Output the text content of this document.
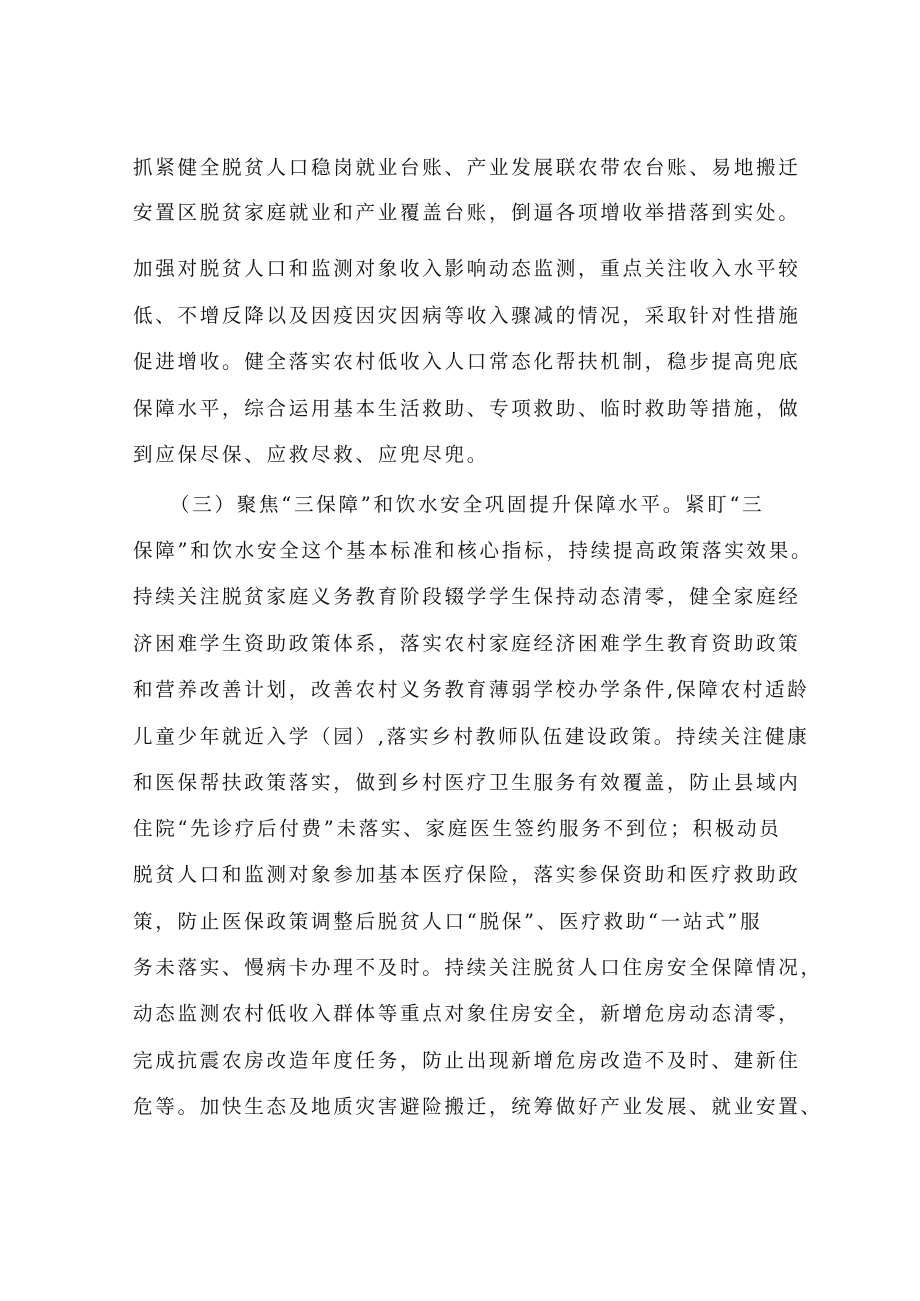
抓紧健全脱贫人口稳岗就业台账、产业发展联农带农台账、易地搬迁
安置区脱贫家庭就业和产业覆盖台账，倒逼各项增收举措落到实处。
加强对脱贫人口和监测对象收入影响动态监测，重点关注收入水平较
低、不增反降以及因疫因灾因病等收入骤减的情况，采取针对性措施
促进增收。健全落实农村低收入人口常态化帮扶机制，稳步提高兜底
保障水平，综合运用基本生活救助、专项救助、临时救助等措施，做
到应保尽保、应救尽救、应兜尽兜。
（三）聚焦“三保障”和饮水安全巩固提升保障水平。紧盯“三
保障”和饮水安全这个基本标准和核心指标，持续提高政策落实效果。
持续关注脱贫家庭义务教育阶段辍学学生保持动态清零，健全家庭经
济困难学生资助政策体系，落实农村家庭经济困难学生教育资助政策
和营养改善计划，改善农村义务教育薄弱学校办学条件,保障农村适龄
儿童少年就近入学（园）,落实乡村教师队伍建设政策。持续关注健康
和医保帮扶政策落实，做到乡村医疗卫生服务有效覆盖，防止县域内
住院“先诊疗后付费”未落实、家庭医生签约服务不到位；积极动员
脱贫人口和监测对象参加基本医疗保险，落实参保资助和医疗救助政
策，防止医保政策调整后脱贫人口“脱保”、医疗救助“一站式”服
务未落实、慢病卡办理不及时。持续关注脱贫人口住房安全保障情况，
动态监测农村低收入群体等重点对象住房安全，新增危房动态清零，
完成抗震农房改造年度任务，防止出现新增危房改造不及时、建新住
危等。加快生态及地质灾害避险搬迁，统筹做好产业发展、就业安置、
